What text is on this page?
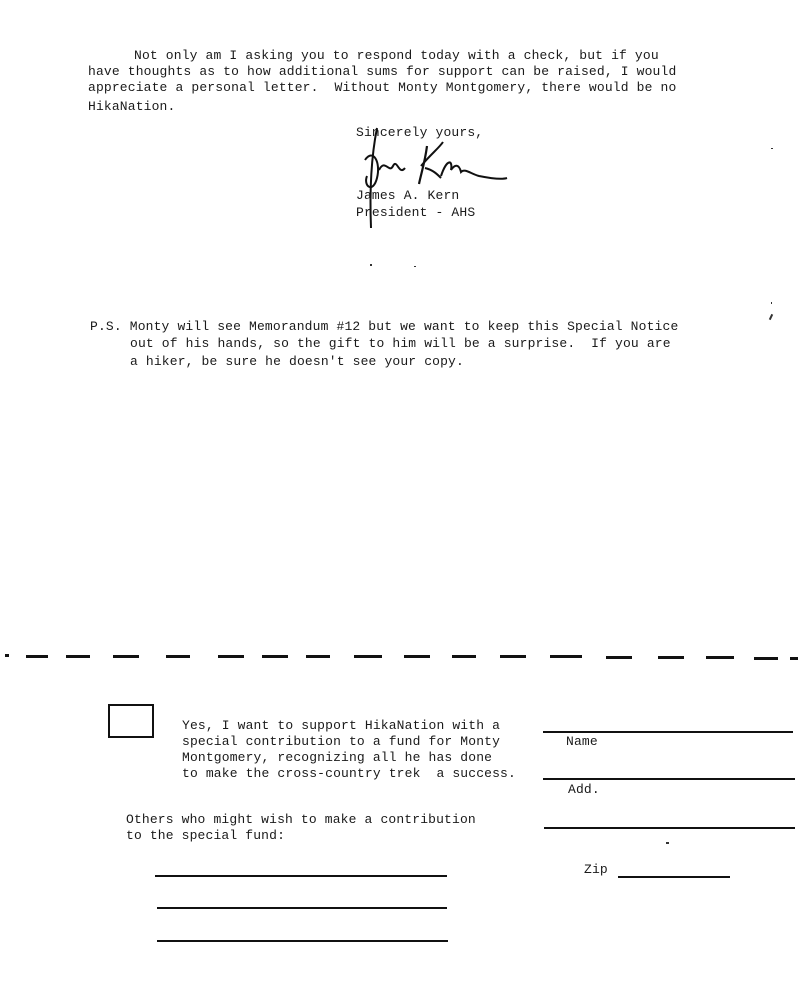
Not only am I asking you to respond today with a check, but if you
have thoughts as to how additional sums for support can be raised, I would
appreciate a personal letter.  Without Monty Montgomery, there would be no
HikaNation.
Sincerely yours,
James A. Kern
President - AHS
P.S. Monty will see Memorandum #12 but we want to keep this Special Notice
out of his hands, so the gift to him will be a surprise.  If you are
a hiker, be sure he doesn't see your copy.
Yes, I want to support HikaNation with a
special contribution to a fund for Monty
Montgomery, recognizing all he has done
to make the cross-country trek  a success.
Name
Add.
Zip
Others who might wish to make a contribution
to the special fund:
